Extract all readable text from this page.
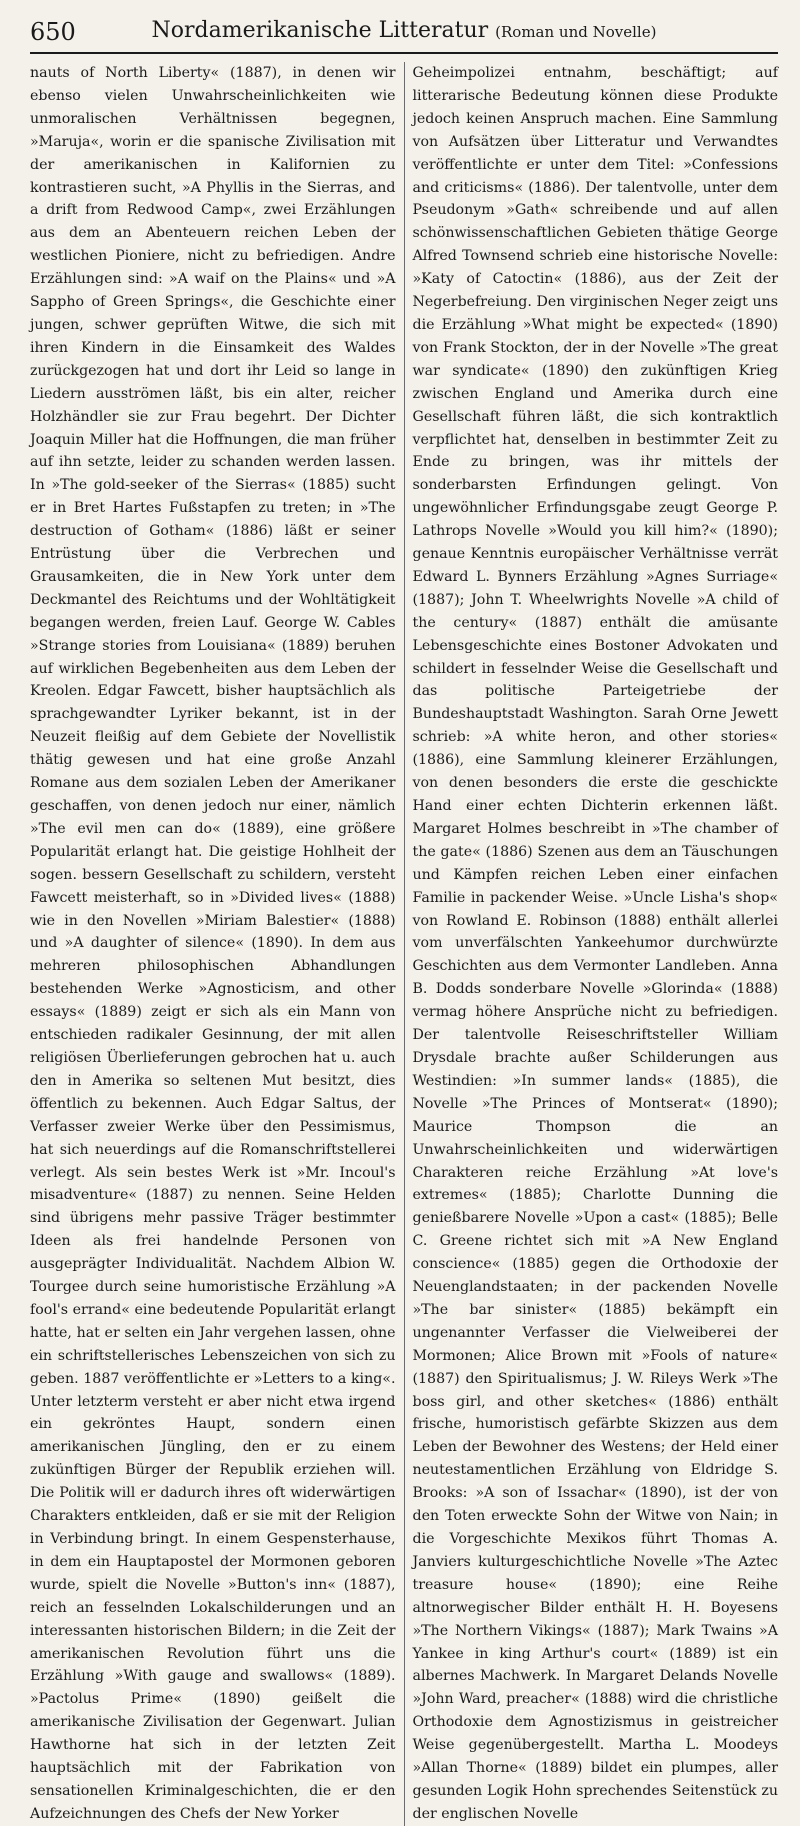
650	Nordamerikanische Litteratur (Roman und Novelle)

nauts of North Liberty« (1887), in denen wir ebenso vielen Unwahrscheinlichkeiten wie unmoralischen Verhältnissen begegnen, »Maruja«, worin er die spanische Zivilisation mit der amerikanischen in Kalifornien zu kontrastieren sucht, »A Phyllis in the Sierras, and a drift from Redwood Camp«, zwei Erzählungen aus dem an Abenteuern reichen Leben der westlichen Pioniere, nicht zu befriedigen. Andre Erzählungen sind: »A waif on the Plains« und »A Sappho of Green Springs«, die Geschichte einer jungen, schwer geprüften Witwe, die sich mit ihren Kindern in die Einsamkeit des Waldes zurückgezogen hat und dort ihr Leid so lange in Liedern ausströmen läßt, bis ein alter, reicher Holzhändler sie zur Frau begehrt. Der Dichter Joaquin Miller hat die Hoffnungen, die man früher auf ihn setzte, leider zu schanden werden lassen. In »The gold-seeker of the Sierras« (1885) sucht er in Bret Hartes Fußstapfen zu treten; in »The destruction of Gotham« (1886) läßt er seiner Entrüstung über die Verbrechen und Grausamkeiten, die in New York unter dem Deckmantel des Reichtums und der Wohltätigkeit begangen werden, freien Lauf. George W. Cables »Strange stories from Louisiana« (1889) beruhen auf wirklichen Begebenheiten aus dem Leben der Kreolen. Edgar Fawcett, bisher hauptsächlich als sprachgewandter Lyriker bekannt, ist in der Neuzeit fleißig auf dem Gebiete der Novellistik thätig gewesen und hat eine große Anzahl Romane aus dem sozialen Leben der Amerikaner geschaffen, von denen jedoch nur einer, nämlich »The evil men can do« (1889), eine größere Popularität erlangt hat. Die geistige Hohlheit der sogen. bessern Gesellschaft zu schildern, versteht Fawcett meisterhaft, so in »Divided lives« (1888) wie in den Novellen »Miriam Balestier« (1888) und »A daughter of silence« (1890). In dem aus mehreren philosophischen Abhandlungen bestehenden Werke »Agnosticism, and other essays« (1889) zeigt er sich als ein Mann von entschieden radikaler Gesinnung, der mit allen religiösen Überlieferungen gebrochen hat u. auch den in Amerika so seltenen Mut besitzt, dies öffentlich zu bekennen. Auch Edgar Saltus, der Verfasser zweier Werke über den Pessimismus, hat sich neuerdings auf die Romanschriftstellerei verlegt. Als sein bestes Werk ist »Mr. Incoul's misadventure« (1887) zu nennen. Seine Helden sind übrigens mehr passive Träger bestimmter Ideen als frei handelnde Personen von ausgeprägter Individualität. Nachdem Albion W. Tourgee durch seine humoristische Erzählung »A fool's errand« eine bedeutende Popularität erlangt hatte, hat er selten ein Jahr vergehen lassen, ohne ein schriftstellerisches Lebenszeichen von sich zu geben. 1887 veröffentlichte er »Letters to a king«. Unter letzterm versteht er aber nicht etwa irgend ein gekröntes Haupt, sondern einen amerikanischen Jüngling, den er zu einem zukünftigen Bürger der Republik erziehen will. Die Politik will er dadurch ihres oft widerwärtigen Charakters entkleiden, daß er sie mit der Religion in Verbindung bringt. In einem Gespensterhause, in dem ein Hauptapostel der Mormonen geboren wurde, spielt die Novelle »Button's inn« (1887), reich an fesselnden Lokalschilderungen und an interessanten historischen Bildern; in die Zeit der amerikanischen Revolution führt uns die Erzählung »With gauge and swallows« (1889). »Pactolus Prime« (1890) geißelt die amerikanische Zivilisation der Gegenwart. Julian Hawthorne hat sich in der letzten Zeit hauptsächlich mit der Fabrikation von sensationellen Kriminalgeschichten, die er den Aufzeichnungen des Chefs der New Yorker

Geheimpolizei entnahm, beschäftigt; auf litterarische Bedeutung können diese Produkte jedoch keinen Anspruch machen. Eine Sammlung von Aufsätzen über Litteratur und Verwandtes veröffentlichte er unter dem Titel: »Confessions and criticisms« (1886). Der talentvolle, unter dem Pseudonym »Gath« schreibende und auf allen schönwissenschaftlichen Gebieten thätige George Alfred Townsend schrieb eine historische Novelle: »Katy of Catoctin« (1886), aus der Zeit der Negerbefreiung. Den virginischen Neger zeigt uns die Erzählung »What might be expected« (1890) von Frank Stockton, der in der Novelle »The great war syndicate« (1890) den zukünftigen Krieg zwischen England und Amerika durch eine Gesellschaft führen läßt, die sich kontraktlich verpflichtet hat, denselben in bestimmter Zeit zu Ende zu bringen, was ihr mittels der sonderbarsten Erfindungen gelingt. Von ungewöhnlicher Erfindungsgabe zeugt George P. Lathrops Novelle »Would you kill him?« (1890); genaue Kenntnis europäischer Verhältnisse verrät Edward L. Bynners Erzählung »Agnes Surriage« (1887); John T. Wheelwrights Novelle »A child of the century« (1887) enthält die amüsante Lebensgeschichte eines Bostoner Advokaten und schildert in fesselnder Weise die Gesellschaft und das politische Parteigetriebe der Bundeshauptstadt Washington. Sarah Orne Jewett schrieb: »A white heron, and other stories« (1886), eine Sammlung kleinerer Erzählungen, von denen besonders die erste die geschickte Hand einer echten Dichterin erkennen läßt. Margaret Holmes beschreibt in »The chamber of the gate« (1886) Szenen aus dem an Täuschungen und Kämpfen reichen Leben einer einfachen Familie in packender Weise. »Uncle Lisha's shop« von Rowland E. Robinson (1888) enthält allerlei vom unverfälschten Yankeehumor durchwürzte Geschichten aus dem Vermonter Landleben. Anna B. Dodds sonderbare Novelle »Glorinda« (1888) vermag höhere Ansprüche nicht zu befriedigen. Der talentvolle Reiseschriftsteller William Drysdale brachte außer Schilderungen aus Westindien: »In summer lands« (1885), die Novelle »The Princes of Montserat« (1890); Maurice Thompson die an Unwahrscheinlichkeiten und widerwärtigen Charakteren reiche Erzählung »At love's extremes« (1885); Charlotte Dunning die genießbarere Novelle »Upon a cast« (1885); Belle C. Greene richtet sich mit »A New England conscience« (1885) gegen die Orthodoxie der Neuenglandstaaten; in der packenden Novelle »The bar sinister« (1885) bekämpft ein ungenannter Verfasser die Vielweiberei der Mormonen; Alice Brown mit »Fools of nature« (1887) den Spiritualismus; J. W. Rileys Werk »The boss girl, and other sketches« (1886) enthält frische, humoristisch gefärbte Skizzen aus dem Leben der Bewohner des Westens; der Held einer neutestamentlichen Erzählung von Eldridge S. Brooks: »A son of Issachar« (1890), ist der von den Toten erweckte Sohn der Witwe von Nain; in die Vorgeschichte Mexikos führt Thomas A. Janviers kulturgeschichtliche Novelle »The Aztec treasure house« (1890); eine Reihe altnorwegischer Bilder enthält H. H. Boyesens »The Northern Vikings« (1887); Mark Twains »A Yankee in king Arthur's court« (1889) ist ein albernes Machwerk. In Margaret Delands Novelle »John Ward, preacher« (1888) wird die christliche Orthodoxie dem Agnostizismus in geistreicher Weise gegenübergestellt. Martha L. Moodeys »Allan Thorne« (1889) bildet ein plumpes, aller gesunden Logik Hohn sprechendes Seitenstück zu der englischen Novelle
